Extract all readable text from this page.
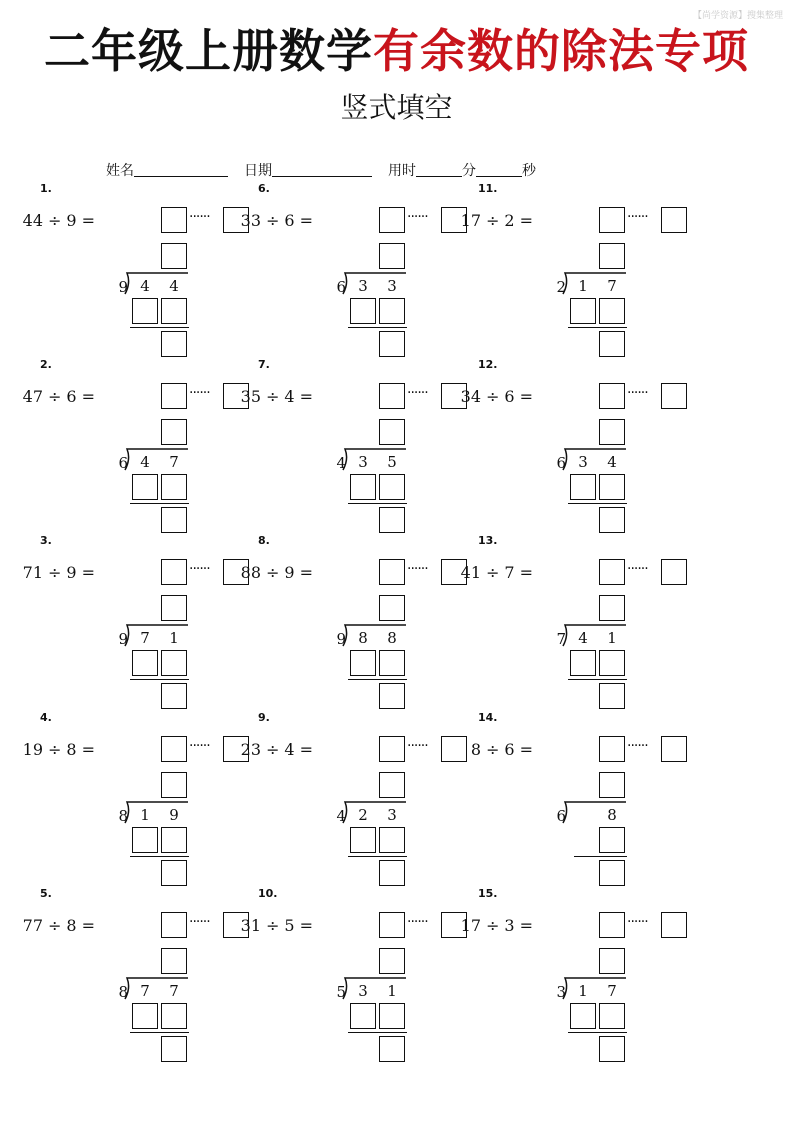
【尚学资源】搜集整理
二年级上册数学有余数的除法专项
竖式填空
姓名	日期	用时	分	秒
1.
44 ÷ 9 =	······
9 4	4
2.
47 ÷ 6 =	······
6 4	7
3.
71 ÷ 9 =	······
9 7	1
4.
19 ÷ 8 =	······
8 1	9
5.
77 ÷ 8 =	······
8 7	7
6.
33 ÷ 6 =	······
6 3	3
7.
35 ÷ 4 =	······
4 3	5
8.
88 ÷ 9 =	······
9 8	8
9.
23 ÷ 4 =	······
4 2	3
10.
31 ÷ 5 =	······
5 3	1
11.
17 ÷ 2 =	······
2 1	7
12.
34 ÷ 6 =	······
6 3	4
13.
41 ÷ 7 =	······
7 4	1
14.
8 ÷ 6 =	······
6	8
15.
17 ÷ 3 =	······
3 1	7
